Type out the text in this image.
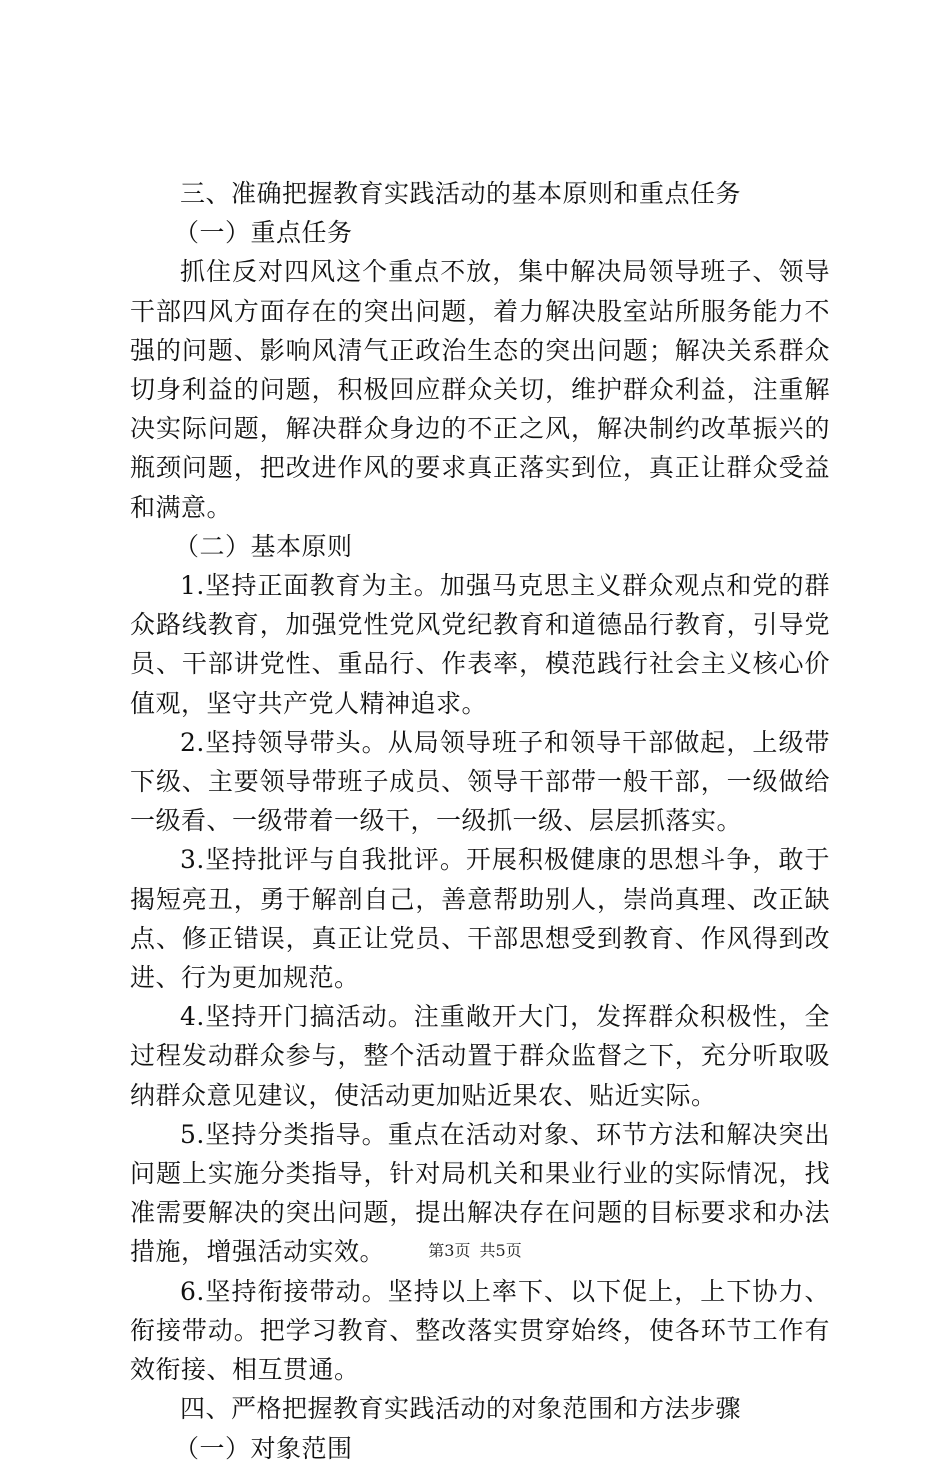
三、准确把握教育实践活动的基本原则和重点任务

（一）重点任务

抓住反对四风这个重点不放，集中解决局领导班子、领导干部四风方面存在的突出问题，着力解决股室站所服务能力不强的问题、影响风清气正政治生态的突出问题；解决关系群众切身利益的问题，积极回应群众关切，维护群众利益，注重解决实际问题，解决群众身边的不正之风，解决制约改革振兴的瓶颈问题，把改进作风的要求真正落实到位，真正让群众受益和满意。

（二）基本原则

1.坚持正面教育为主。加强马克思主义群众观点和党的群众路线教育，加强党性党风党纪教育和道德品行教育，引导党员、干部讲党性、重品行、作表率，模范践行社会主义核心价值观，坚守共产党人精神追求。

2.坚持领导带头。从局领导班子和领导干部做起，上级带下级、主要领导带班子成员、领导干部带一般干部，一级做给一级看、一级带着一级干，一级抓一级、层层抓落实。

3.坚持批评与自我批评。开展积极健康的思想斗争，敢于揭短亮丑，勇于解剖自己，善意帮助别人，崇尚真理、改正缺点、修正错误，真正让党员、干部思想受到教育、作风得到改进、行为更加规范。

4.坚持开门搞活动。注重敞开大门，发挥群众积极性，全过程发动群众参与，整个活动置于群众监督之下，充分听取吸纳群众意见建议，使活动更加贴近果农、贴近实际。

5.坚持分类指导。重点在活动对象、环节方法和解决突出问题上实施分类指导，针对局机关和果业行业的实际情况，找准需要解决的突出问题，提出解决存在问题的目标要求和办法措施，增强活动实效。

6.坚持衔接带动。坚持以上率下、以下促上，上下协力、衔接带动。把学习教育、整改落实贯穿始终，使各环节工作有效衔接、相互贯通。

四、严格把握教育实践活动的对象范围和方法步骤

（一）对象范围

第3页 共5页
